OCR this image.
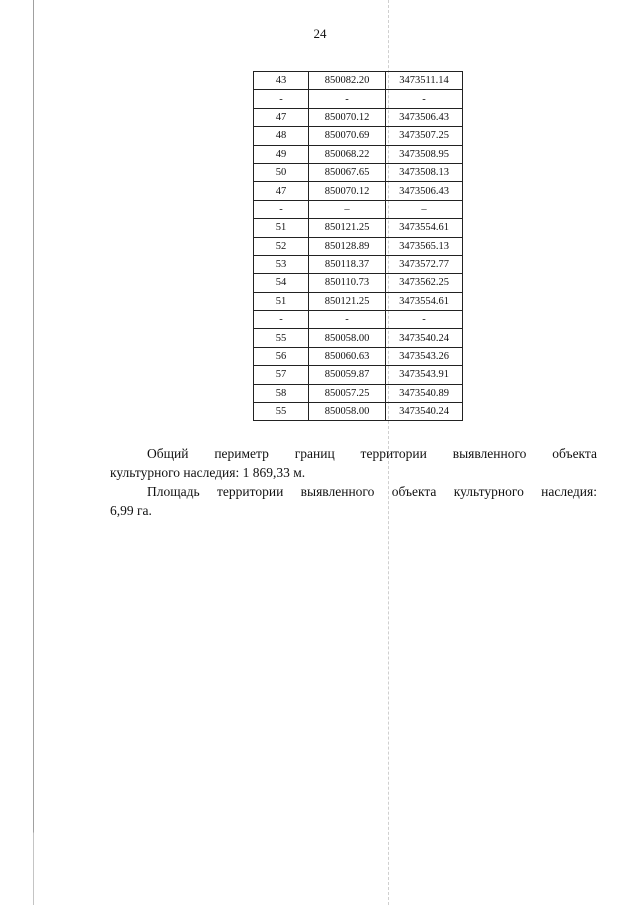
24
43	850082.20	3473511.14
-	-	-
47	850070.12	3473506.43
48	850070.69	3473507.25
49	850068.22	3473508.95
50	850067.65	3473508.13
47	850070.12	3473506.43
-	–	–
51	850121.25	3473554.61
52	850128.89	3473565.13
53	850118.37	3473572.77
54	850110.73	3473562.25
51	850121.25	3473554.61
-	-	-
55	850058.00	3473540.24
56	850060.63	3473543.26
57	850059.87	3473543.91
58	850057.25	3473540.89
55	850058.00	3473540.24
Общий периметр границ территории выявленного объекта
культурного наследия: 1 869,33 м.
Площадь территории выявленного объекта культурного наследия:
6,99 га.
